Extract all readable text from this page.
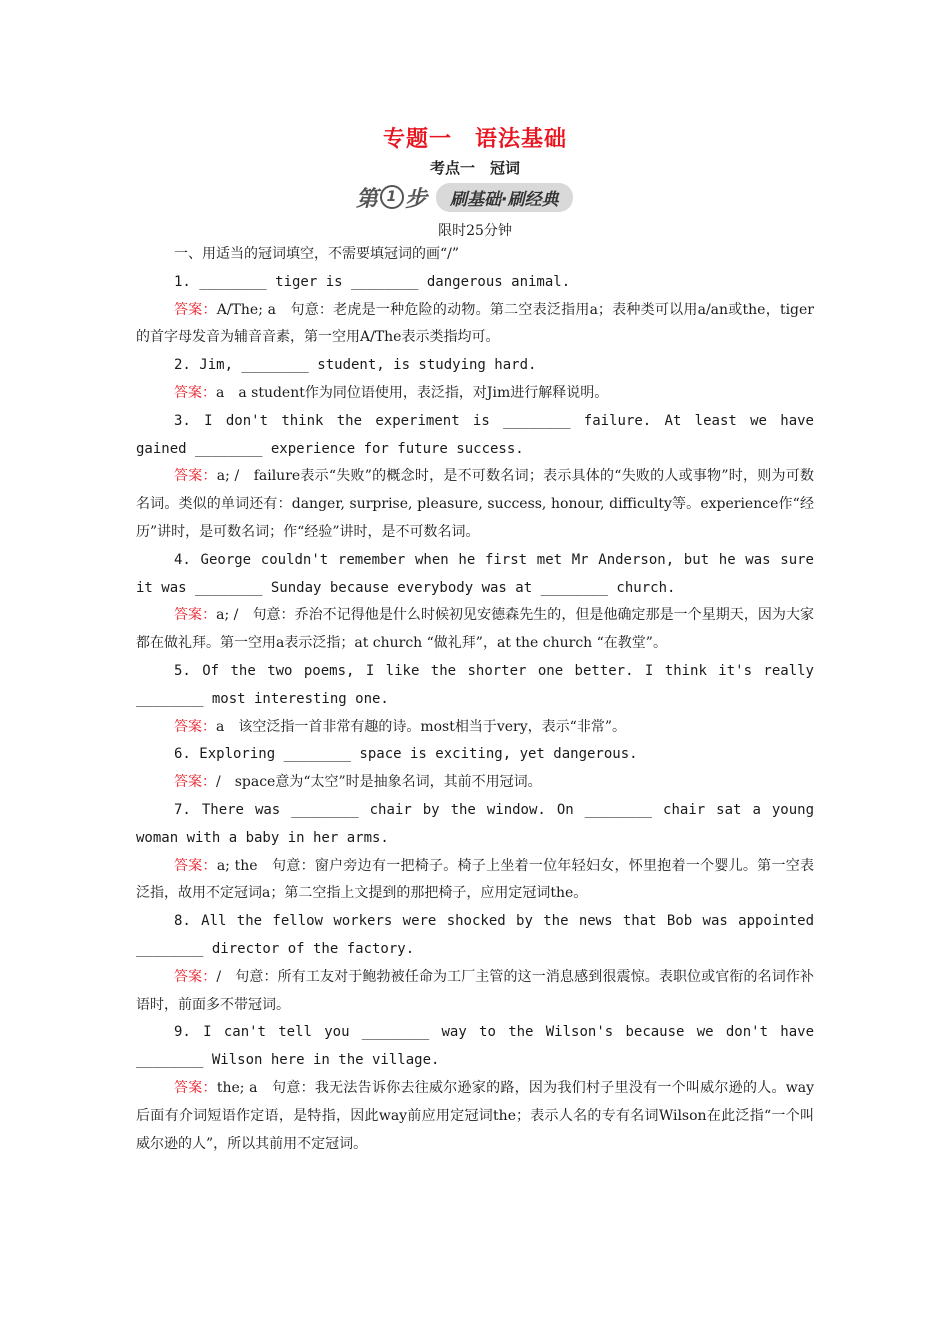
专题一　语法基础
考点一　冠词
第 1 步	刷基础·刷经典
限时25分钟

一、用适当的冠词填空，不需要填冠词的画“/”

1. ________ tiger is ________ dangerous animal.

答案：A/The; a　句意：老虎是一种危险的动物。第二空表泛指用a；表种类可以用a/an或the，tiger的首字母发音为辅音音素，第一空用A/The表示类指均可。

2. Jim, ________ student, is studying hard.

答案：a　a student作为同位语使用，表泛指，对Jim进行解释说明。

3. I don't think the experiment is ________ failure. At least we have gained ________ experience for future success.

答案：a; /　failure表示“失败”的概念时，是不可数名词；表示具体的“失败的人或事物”时，则为可数名词。类似的单词还有：danger, surprise, pleasure, success, honour, difficulty等。experience作“经历”讲时，是可数名词；作“经验”讲时，是不可数名词。

4. George couldn't remember when he first met Mr Anderson, but he was sure it was ________ Sunday because everybody was at ________ church.

答案：a; /　句意：乔治不记得他是什么时候初见安德森先生的，但是他确定那是一个星期天，因为大家都在做礼拜。第一空用a表示泛指；at church “做礼拜”，at the church “在教堂”。

5. Of the two poems, I like the shorter one better. I think it's really ________ most interesting one.

答案：a　该空泛指一首非常有趣的诗。most相当于very，表示“非常”。

6. Exploring ________ space is exciting, yet dangerous.

答案：/　space意为“太空”时是抽象名词，其前不用冠词。

7. There was ________ chair by the window. On ________ chair sat a young woman with a baby in her arms.

答案：a; the　句意：窗户旁边有一把椅子。椅子上坐着一位年轻妇女，怀里抱着一个婴儿。第一空表泛指，故用不定冠词a；第二空指上文提到的那把椅子，应用定冠词the。

8. All the fellow workers were shocked by the news that Bob was appointed ________ director of the factory.

答案：/　句意：所有工友对于鲍勃被任命为工厂主管的这一消息感到很震惊。表职位或官衔的名词作补语时，前面多不带冠词。

9. I can't tell you ________ way to the Wilson's because we don't have ________ Wilson here in the village.

答案：the; a　句意：我无法告诉你去往威尔逊家的路，因为我们村子里没有一个叫威尔逊的人。way后面有介词短语作定语，是特指，因此way前应用定冠词the；表示人名的专有名词Wilson在此泛指“一个叫威尔逊的人”，所以其前用不定冠词。
